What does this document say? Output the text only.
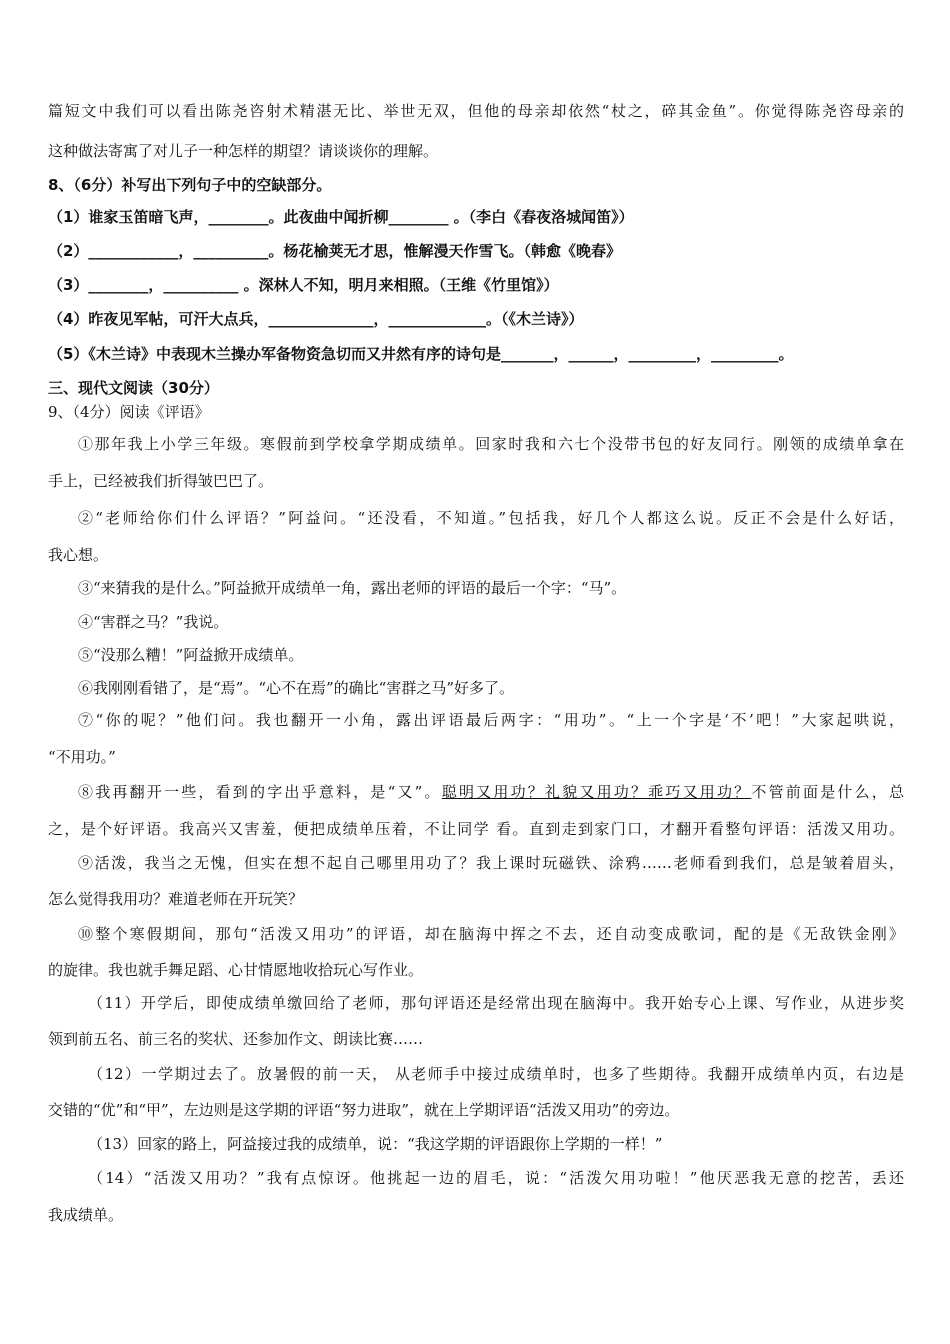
篇短文中我们可以看出陈尧咨射术精湛无比、举世无双，但他的母亲却依然“杖之，碎其金鱼”。你觉得陈尧咨母亲的
这种做法寄寓了对儿子一种怎样的期望？请谈谈你的理解。
8、（6分）补写出下列句子中的空缺部分。
（1）谁家玉笛暗飞声，________。此夜曲中闻折柳________ 。（李白《春夜洛城闻笛》）
（2）____________，__________。杨花榆荚无才思，惟解漫天作雪飞。（韩愈《晚春》
（3）________，__________ 。深林人不知，明月来相照。（王维《竹里馆》）
（4）昨夜见军帖，可汗大点兵，______________，_____________。（《木兰诗》）
（5）《木兰诗》中表现木兰操办军备物资急切而又井然有序的诗句是_______，______，_________，_________。
三、现代文阅读（30分）
9、（4分）阅读《评语》
①那年我上小学三年级。寒假前到学校拿学期成绩单。回家时我和六七个没带书包的好友同行。刚领的成绩单拿在
手上，已经被我们折得皱巴巴了。
②“老师给你们什么评语？”阿益问。“还没看，不知道。”包括我，好几个人都这么说。反正不会是什么好话，
我心想。
③“来猜我的是什么。”阿益掀开成绩单一角，露出老师的评语的最后一个字：“马”。
④“害群之马？”我说。
⑤“没那么糟！”阿益掀开成绩单。
⑥我刚刚看错了，是“焉”。“心不在焉”的确比“害群之马”好多了。
⑦“你的呢？”他们问。我也翻开一小角，露出评语最后两字：“用功”。“上一个字是‘不’吧！”大家起哄说，
“不用功。”
⑧我再翻开一些，看到的字出乎意料，是“又”。聪明又用功？礼貌又用功？乖巧又用功？不管前面是什么，总
之，是个好评语。我高兴又害羞，便把成绩单压着，不让同学 看。直到走到家门口，才翻开看整句评语：活泼又用功。
⑨活泼，我当之无愧，但实在想不起自己哪里用功了？我上课时玩磁铁、涂鸦……老师看到我们，总是皱着眉头，
怎么觉得我用功？难道老师在开玩笑？
⑩整个寒假期间，那句“活泼又用功”的评语，却在脑海中挥之不去，还自动变成歌词，配的是《无敌铁金刚》
的旋律。我也就手舞足蹈、心甘情愿地收拾玩心写作业。
（11）开学后，即使成绩单缴回给了老师，那句评语还是经常出现在脑海中。我开始专心上课、写作业，从进步奖
领到前五名、前三名的奖状、还参加作文、朗读比赛……
（12）一学期过去了。放暑假的前一天， 从老师手中接过成绩单时，也多了些期待。我翻开成绩单内页，右边是
交错的“优”和“甲”，左边则是这学期的评语“努力进取”，就在上学期评语“活泼又用功”的旁边。
（13）回家的路上，阿益接过我的成绩单，说：“我这学期的评语跟你上学期的一样！”
（14）“活泼又用功？”我有点惊讶。他挑起一边的眉毛，说：“活泼欠用功啦！”他厌恶我无意的挖苦，丢还
我成绩单。
